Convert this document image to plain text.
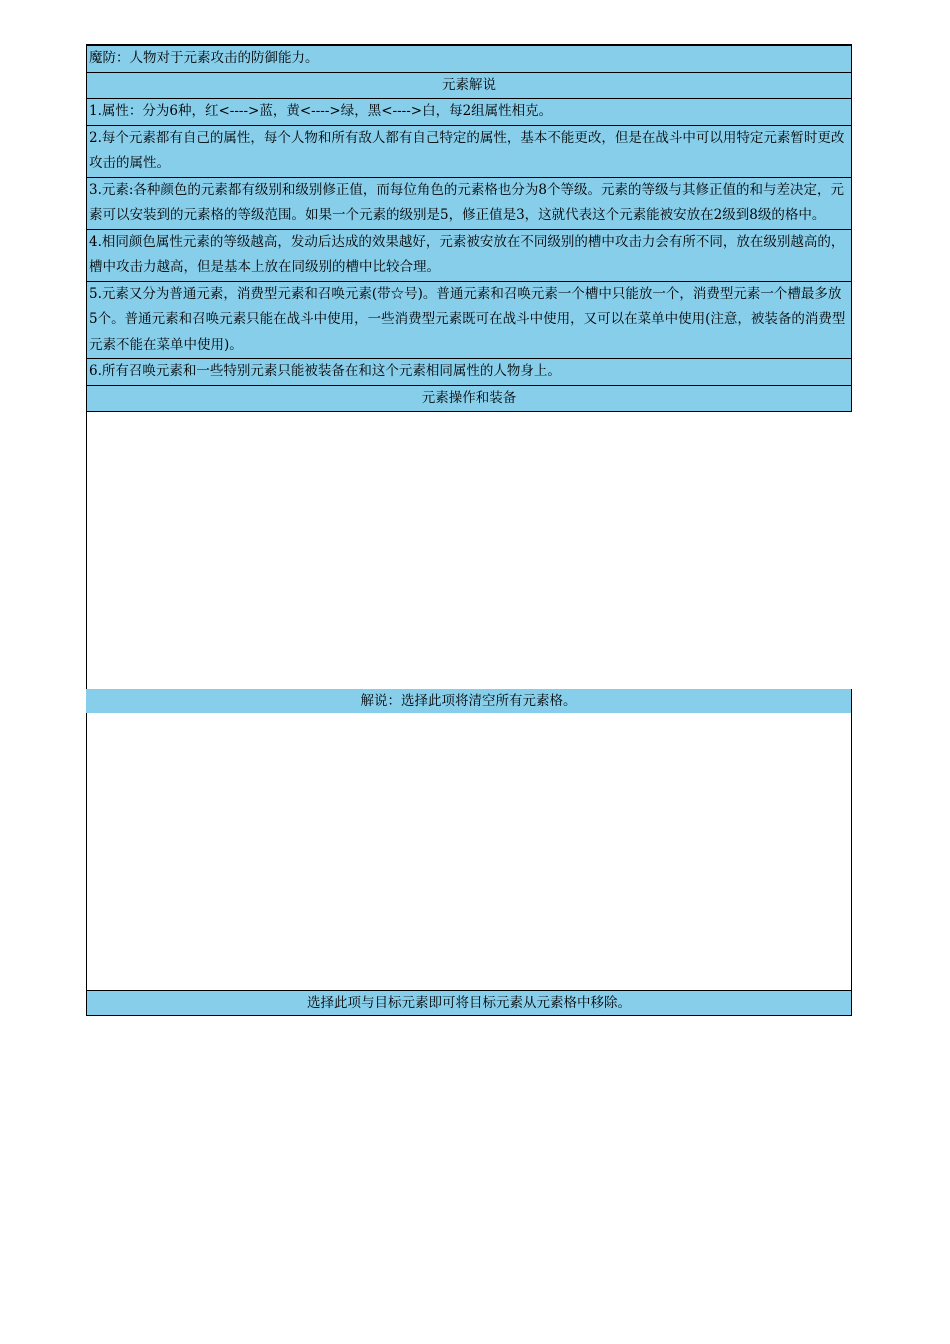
魔防：人物对于元素攻击的防御能力。
元素解说
1.属性：分为6种，红<---->蓝，黄<---->绿，黑<---->白，每2组属性相克。
2.每个元素都有自己的属性，每个人物和所有敌人都有自己特定的属性，基本不能更改，但是在战斗中可以用特定元素暂时更改攻击的属性。
3.元素:各种颜色的元素都有级别和级别修正值，而每位角色的元素格也分为8个等级。元素的等级与其修正值的和与差决定，元素可以安装到的元素格的等级范围。如果一个元素的级别是5，修正值是3，这就代表这个元素能被安放在2级到8级的格中。
4.相同颜色属性元素的等级越高，发动后达成的效果越好，元素被安放在不同级别的槽中攻击力会有所不同，放在级别越高的，槽中攻击力越高，但是基本上放在同级别的槽中比较合理。
5.元素又分为普通元素，消费型元素和召唤元素(带☆号)。普通元素和召唤元素一个槽中只能放一个，消费型元素一个槽最多放5个。普通元素和召唤元素只能在战斗中使用，一些消费型元素既可在战斗中使用，又可以在菜单中使用(注意，被装备的消费型元素不能在菜单中使用)。
6.所有召唤元素和一些特别元素只能被装备在和这个元素相同属性的人物身上。
元素操作和装备
解说：选择此项将清空所有元素格。
选择此项与目标元素即可将目标元素从元素格中移除。
